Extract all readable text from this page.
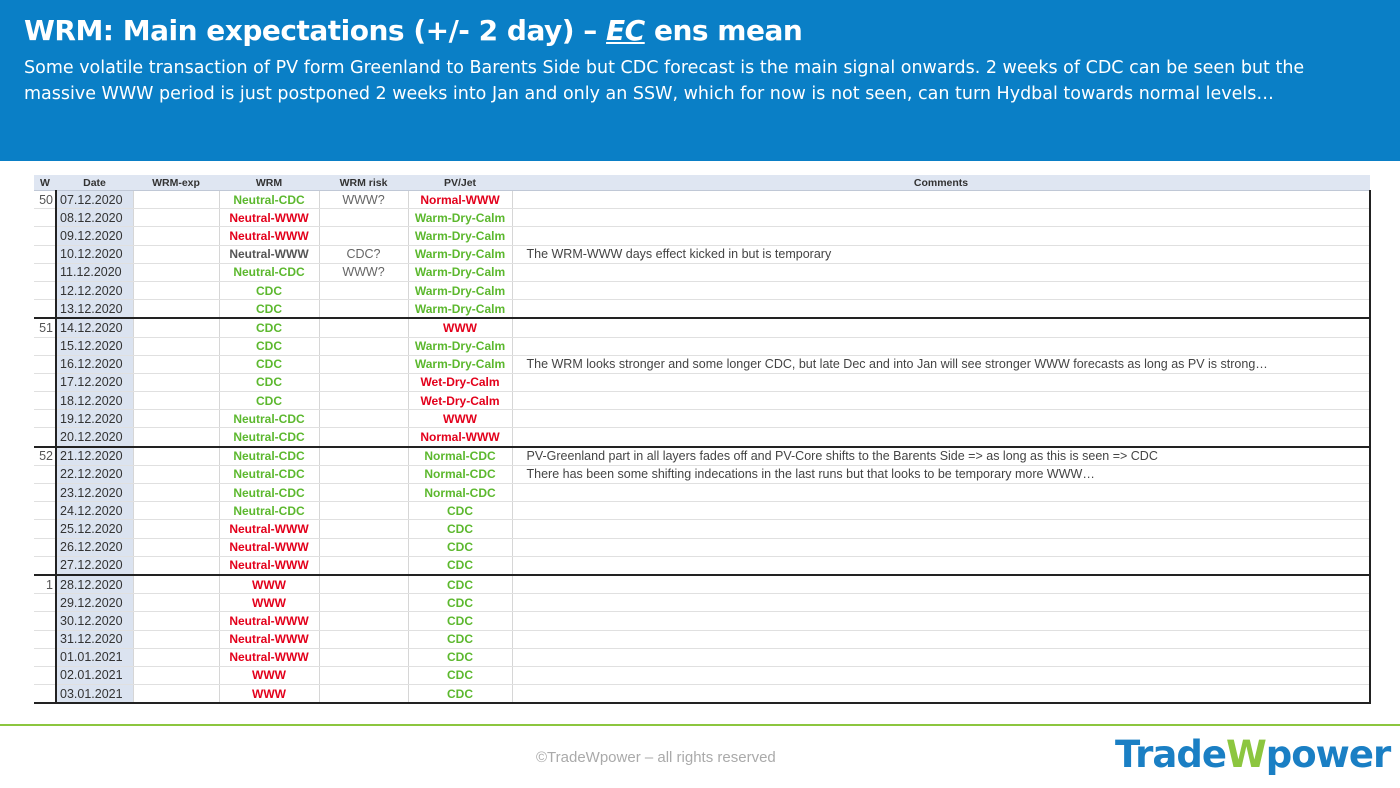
WRM: Main expectations (+/- 2 day) – EC ens mean
Some volatile transaction of PV form Greenland to Barents Side but CDC forecast is the main signal onwards. 2 weeks of CDC can be seen but the massive WWW period is just postponed 2 weeks into Jan and only an SSW, which for now is not seen, can turn Hydbal towards normal levels…
W	Date	WRM-exp	WRM	WRM risk	PV/Jet	Comments
50	07.12.2020		Neutral-CDC	WWW?	Normal-WWW	
	08.12.2020		Neutral-WWW		Warm-Dry-Calm	
	09.12.2020		Neutral-WWW		Warm-Dry-Calm	
	10.12.2020		Neutral-WWW	CDC?	Warm-Dry-Calm	The WRM-WWW days effect kicked in but is temporary
	11.12.2020		Neutral-CDC	WWW?	Warm-Dry-Calm	
	12.12.2020		CDC		Warm-Dry-Calm	
	13.12.2020		CDC		Warm-Dry-Calm	
51	14.12.2020		CDC		WWW	
	15.12.2020		CDC		Warm-Dry-Calm	
	16.12.2020		CDC		Warm-Dry-Calm	The WRM looks stronger and some longer CDC, but late Dec and into Jan will see stronger WWW forecasts as long as PV is strong…
	17.12.2020		CDC		Wet-Dry-Calm	
	18.12.2020		CDC		Wet-Dry-Calm	
	19.12.2020		Neutral-CDC		WWW	
	20.12.2020		Neutral-CDC		Normal-WWW	
52	21.12.2020		Neutral-CDC		Normal-CDC	PV-Greenland part in all layers fades off and PV-Core shifts to the Barents Side => as long as this is seen => CDC
	22.12.2020		Neutral-CDC		Normal-CDC	There has been some shifting indecations in the last runs but that looks to be temporary more WWW…
	23.12.2020		Neutral-CDC		Normal-CDC	
	24.12.2020		Neutral-CDC		CDC	
	25.12.2020		Neutral-WWW		CDC	
	26.12.2020		Neutral-WWW		CDC	
	27.12.2020		Neutral-WWW		CDC	
1	28.12.2020		WWW		CDC	
	29.12.2020		WWW		CDC	
	30.12.2020		Neutral-WWW		CDC	
	31.12.2020		Neutral-WWW		CDC	
	01.01.2021		Neutral-WWW		CDC	
	02.01.2021		WWW		CDC	
	03.01.2021		WWW		CDC	
©TradeWpower – all rights reserved	TradeWpower
